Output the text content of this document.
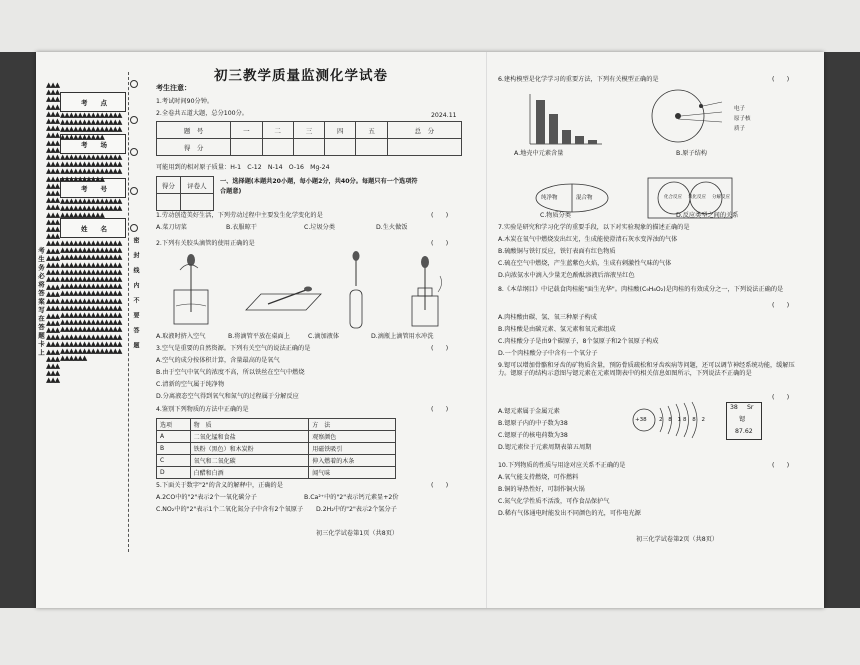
▲▲▲▲▲▲▲▲▲▲▲▲▲▲▲▲▲▲▲▲▲▲▲▲▲▲▲▲▲▲▲▲▲▲▲▲▲▲▲▲▲▲▲▲▲▲▲▲▲▲▲▲▲▲▲▲▲▲▲▲▲▲▲▲▲▲▲▲▲▲▲▲▲▲▲▲▲▲▲▲▲▲▲▲▲▲▲▲▲▲▲▲▲▲▲▲▲▲▲▲▲▲▲▲▲▲▲▲▲▲▲▲▲▲▲▲▲▲▲▲▲▲▲▲▲▲
考　　点
考　　场
考　　号
姓　　名
▲▲▲▲▲▲▲▲▲▲▲▲▲▲▲▲▲▲▲▲▲▲▲▲▲▲▲▲▲▲▲▲▲▲▲▲▲▲▲▲▲▲▲▲▲▲▲▲▲▲▲▲
▲▲▲▲▲▲▲▲▲▲▲▲▲▲▲▲▲▲▲▲▲▲▲▲▲▲▲▲▲▲▲▲▲▲▲▲▲▲▲▲▲▲▲▲▲▲▲▲▲▲▲▲
▲▲▲▲▲▲▲▲▲▲▲▲▲▲▲▲▲▲▲▲▲▲▲▲▲▲▲▲▲▲▲▲▲▲▲▲▲▲
▲▲▲▲▲▲▲▲▲▲▲▲▲▲▲▲▲▲▲▲▲▲▲▲▲▲▲▲▲▲▲▲▲▲▲▲▲▲▲▲▲▲▲▲▲▲▲▲▲▲▲▲▲▲▲▲▲▲▲▲▲▲▲▲▲▲▲▲▲▲▲▲▲▲▲▲▲▲▲▲▲▲▲▲▲▲▲▲▲▲▲▲▲▲▲▲▲▲▲▲▲▲▲▲▲▲▲▲▲▲▲▲▲▲▲▲▲▲▲▲▲▲▲▲▲▲▲▲▲▲▲▲▲▲▲▲▲▲▲▲▲▲▲▲▲▲▲▲▲▲▲▲▲▲▲▲▲▲▲▲▲▲▲▲▲▲▲▲▲▲▲▲▲▲▲▲▲▲▲▲▲▲▲▲▲▲▲▲▲▲▲▲▲▲▲▲▲▲▲▲▲▲▲▲▲▲▲▲▲▲▲▲▲▲▲▲▲▲▲▲▲▲▲▲▲▲▲▲▲▲
考生务必将答案写在答题卡上	密封线内不要答题
初三教学质量监测化学试卷
考生注意：
1.考试时间90分钟。
2.全卷共五道大题，总分100分。	2024.11
题　号	一	二	三	四	五	总　分
得　分						
可能用到的相对原子质量：H-1　C-12　N-14　O-16　Mg-24
得分	评卷人
	一、选择题(本题共20小题，每小题2分，共40分。每题只有一个选项符
合题意)
1.劳动创造美好生活，下列劳动过程中主要发生化学变化的是	(　　)
A.菜刀切菜	B.衣服晾干	C.垃圾分类	D.生火做饭
2.下列有关胶头滴管的使用正确的是	(　　)
A.取液时挤入空气	B.将滴管平放在桌面上	C.滴加液体	D.滴瓶上滴管用水冲洗
3.空气是重要的自然资源。下列有关空气的说法正确的是	(　　)
A.空气的成分按体积计算，含量最高的是氧气
B.由于空气中氧气的浓度不高，所以铁丝在空气中燃烧
C.清新的空气属于纯净物
D.分离液态空气得到氧气和氮气的过程属于分解反应
4.鉴别下列物质的方法中正确的是	(　　)
选项	物　质	方　法
A	二氧化锰和食盐	观察颜色
B	铁粉（黑色）和木炭粉	用磁铁吸引
C	氧气和二氧化碳	伸入燃着的木条
D	白醋和白酒	闻气味
5.下面关于数字"2"的含义的解释中，正确的是	(　　)
A.2CO中的"2"表示2个一氧化碳分子	B.Ca²⁺中的"2"表示钙元素显+2价
C.NO₂中的"2"表示1个二氧化氮分子中含有2个氧原子 D.2H₂中的"2"表示2个氢分子
初三化学试卷第1页（共8页）
6.建构模型是化学学习的重要方法，下列有关模型正确的是	(　　)
电子
原子核
质子
A.地壳中元素含量	B.原子结构
纯净物	混合物	化合反应 氧化反应 分解反应
C.物质分类	D.反应类型之间的关系
7.实验是研究和学习化学的重要手段，以下对实验现象的描述正确的是
A.木炭在氧气中燃烧发出红光，生成能使澄清石灰水变浑浊的气体
B.硫酸铜与铁钉反应，铁钉表面有红色物质
C.硫在空气中燃烧，产生蓝紫色火焰，生成有刺激性气味的气体
D.向浓氨水中滴入少量无色酚酞溶液后溶液呈红色
8.《本草纲目》中记载食肉桂能"面生光华"。肉桂酸(C₉H₈O₂)是肉桂的有效成分之一，下列说法正确的是
(　　)
A.肉桂酸由碳、氢、氧三种原子构成
B.肉桂酸是由碳元素、氢元素和氧元素组成
C.肉桂酸分子是由9个碳原子，8个氢原子和2个氧原子构成
D.一个肉桂酸分子中含有一个氧分子
9.锶可以增加骨骼和牙齿的矿物质含量，预防骨质疏松和牙齿疾病等问题，还可以调节神经系统功能，缓解压力。锶原子的结构示意图与锶元素在元素周期表中的相关信息如图所示，下列说法不正确的是
(　　)
A.锶元素属于金属元素
B.锶原子内的中子数为38
C.锶原子的核电荷数为38
D.锶元素位于元素周期表第五周期
+38 2 8 18 8 2
38 Sr
锶
87.62
10.下列物质的性质与用途对应关系不正确的是	(　　)
A.氧气能支持燃烧，可作燃料
B.铜的导热性好，可制作铜火锅
C.氮气化学性质不活泼，可作食品保护气
D.稀有气体通电时能发出不同颜色的光，可作电光源
初三化学试卷第2页（共8页）
